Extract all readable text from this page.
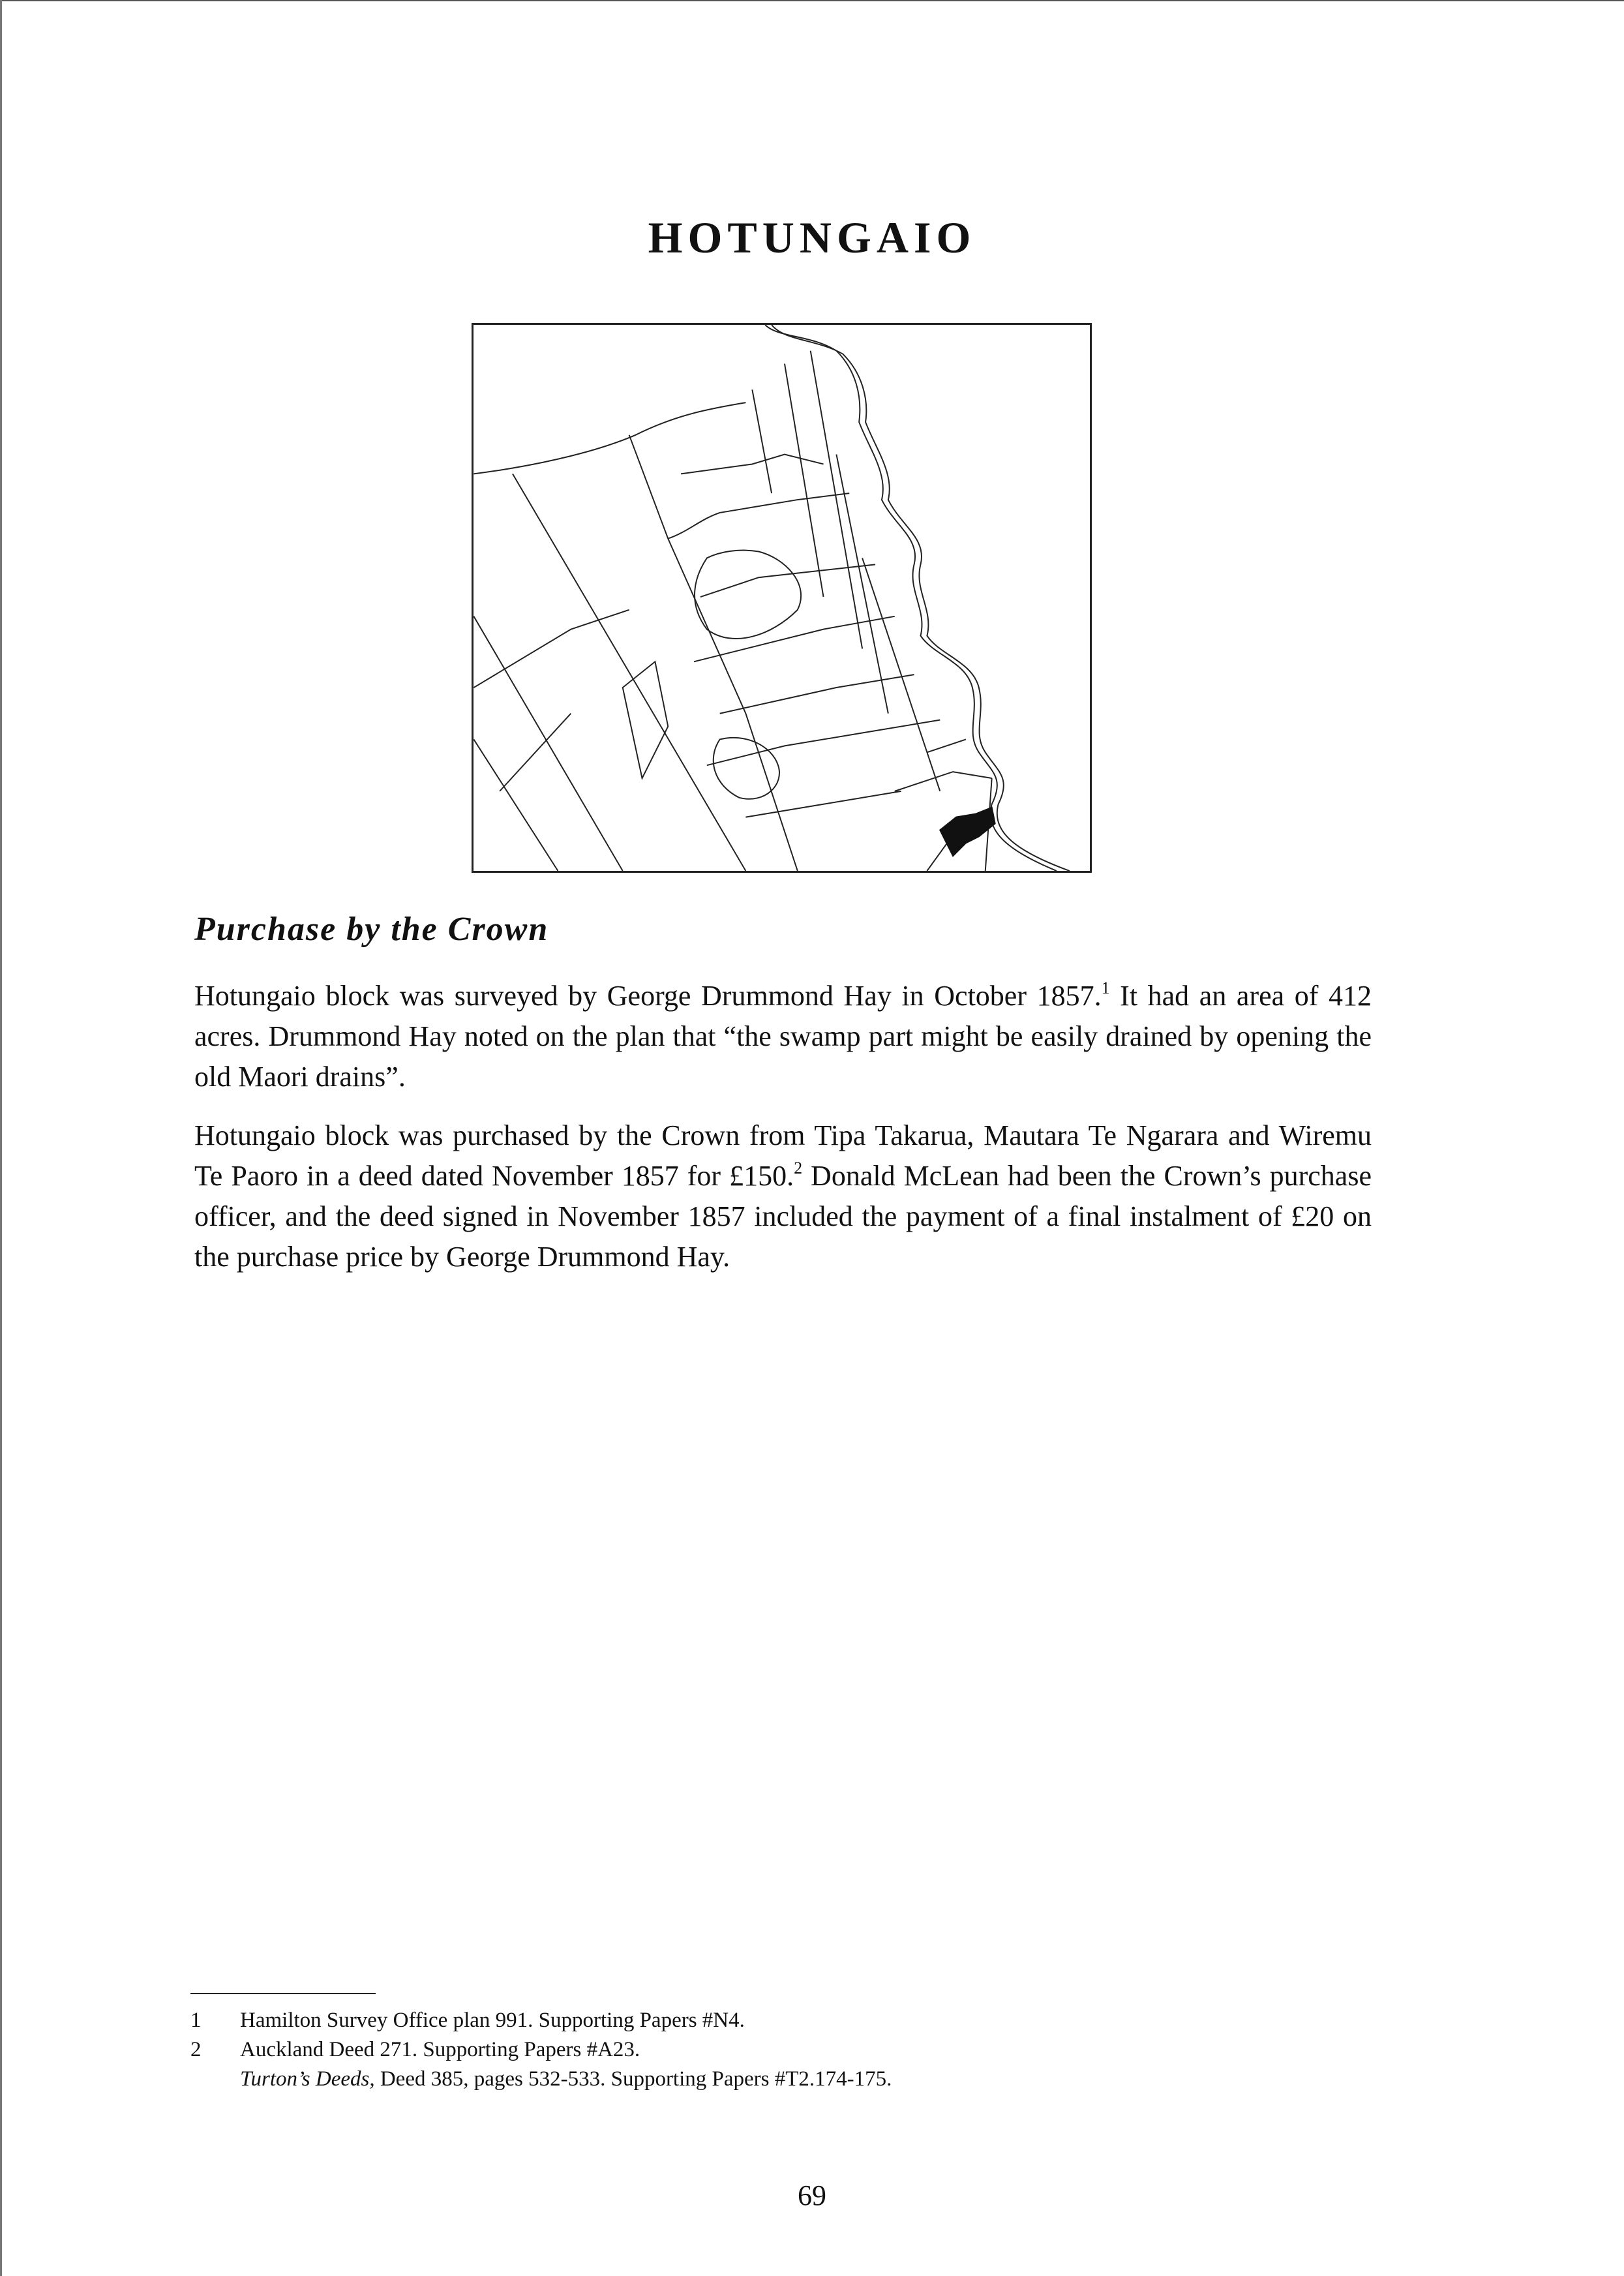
HOTUNGAIO
Purchase by the Crown

Hotungaio block was surveyed by George Drummond Hay in October 1857.$^1$ It had an area of 412 acres. Drummond Hay noted on the plan that “the swamp part might be easily drained by opening the old Maori drains”.

Hotungaio block was purchased by the Crown from Tipa Takarua, Mautara Te Ngarara and Wiremu Te Paoro in a deed dated November 1857 for £150.$^2$ Donald McLean had been the Crown’s purchase officer, and the deed signed in November 1857 included the payment of a final instalment of £20 on the purchase price by George Drummond Hay.

1	Hamilton Survey Office plan 991. Supporting Papers #N4.
2	Auckland Deed 271. Supporting Papers #A23.
Turton’s Deeds, Deed 385, pages 532-533. Supporting Papers #T2.174-175.
69
